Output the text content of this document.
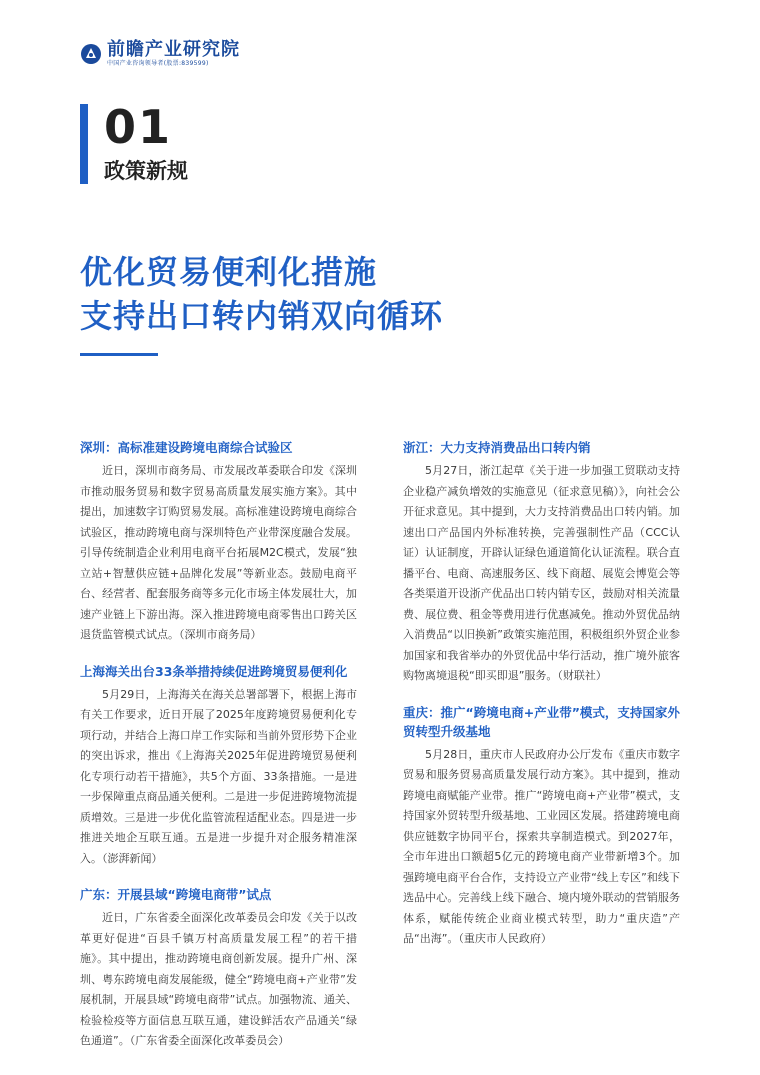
前瞻产业研究院
中国产业咨询领导者(股票:839599)
01
政策新规
优化贸易便利化措施
支持出口转内销双向循环

深圳：高标准建设跨境电商综合试验区

近日，深圳市商务局、市发展改革委联合印发《深圳市推动服务贸易和数字贸易高质量发展实施方案》。其中提出，加速数字订购贸易发展。高标准建设跨境电商综合试验区，推动跨境电商与深圳特色产业带深度融合发展。引导传统制造企业利用电商平台拓展M2C模式，发展“独立站+智慧供应链+品牌化发展”等新业态。鼓励电商平台、经营者、配套服务商等多元化市场主体发展壮大，加速产业链上下游出海。深入推进跨境电商零售出口跨关区退货监管模式试点。（深圳市商务局）

上海海关出台33条举措持续促进跨境贸易便利化

5月29日，上海海关在海关总署部署下，根据上海市有关工作要求，近日开展了2025年度跨境贸易便利化专项行动，并结合上海口岸工作实际和当前外贸形势下企业的突出诉求，推出《上海海关2025年促进跨境贸易便利化专项行动若干措施》，共5个方面、33条措施。一是进一步保障重点商品通关便利。二是进一步促进跨境物流提质增效。三是进一步优化监管流程适配业态。四是进一步推进关地企互联互通。五是进一步提升对企服务精准深入。（澎湃新闻）

广东：开展县域“跨境电商带”试点

近日，广东省委全面深化改革委员会印发《关于以改革更好促进“百县千镇万村高质量发展工程”的若干措施》。其中提出，推动跨境电商创新发展。提升广州、深圳、粤东跨境电商发展能级，健全“跨境电商+产业带”发展机制，开展县域“跨境电商带”试点。加强物流、通关、检验检疫等方面信息互联互通，建设鲜活农产品通关“绿色通道”。（广东省委全面深化改革委员会）

浙江：大力支持消费品出口转内销

5月27日，浙江起草《关于进一步加强工贸联动支持企业稳产减负增效的实施意见（征求意见稿）》，向社会公开征求意见。其中提到，大力支持消费品出口转内销。加速出口产品国内外标准转换，完善强制性产品（CCC认证）认证制度，开辟认证绿色通道简化认证流程。联合直播平台、电商、高速服务区、线下商超、展览会博览会等各类渠道开设浙产优品出口转内销专区，鼓励对相关流量费、展位费、租金等费用进行优惠减免。推动外贸优品纳入消费品“以旧换新”政策实施范围，积极组织外贸企业参加国家和我省举办的外贸优品中华行活动，推广境外旅客购物离境退税“即买即退”服务。（财联社）

重庆：推广“跨境电商+产业带”模式，支持国家外贸转型升级基地

5月28日，重庆市人民政府办公厅发布《重庆市数字贸易和服务贸易高质量发展行动方案》。其中提到，推动跨境电商赋能产业带。推广“跨境电商+产业带”模式，支持国家外贸转型升级基地、工业园区发展。搭建跨境电商供应链数字协同平台，探索共享制造模式。到2027年，全市年进出口额超5亿元的跨境电商产业带新增3个。加强跨境电商平台合作，支持设立产业带“线上专区”和线下选品中心。完善线上线下融合、境内境外联动的营销服务体系，赋能传统企业商业模式转型，助力“重庆造”产品“出海”。（重庆市人民政府）
